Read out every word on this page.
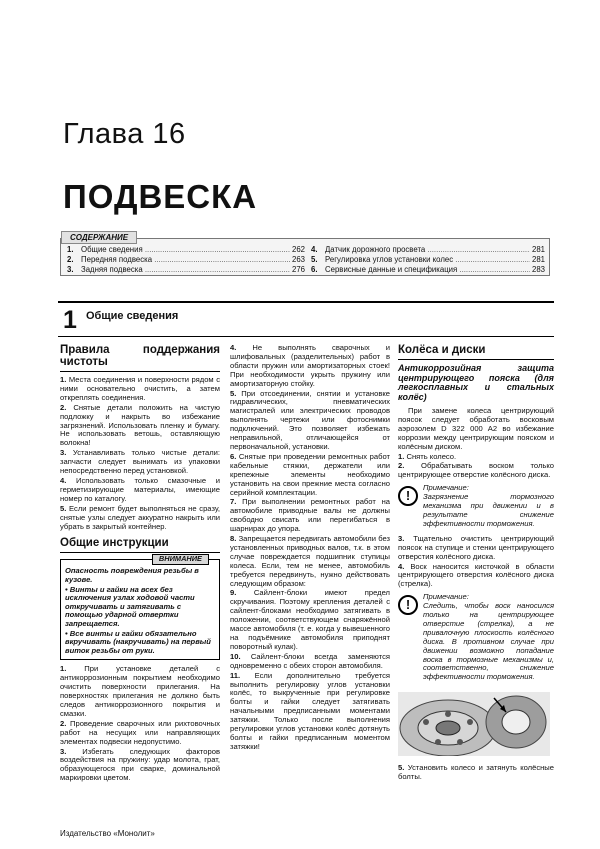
Глава 16
ПОДВЕСКА
СОДЕРЖАНИЕ
1. Общие сведения .....	262
2. Передняя подвеска .....	263
3. Задняя подвеска .....	276
4. Датчик дорожного просвета .....	281
5. Регулировка углов установки колес .....	281
6. Сервисные данные и спецификация .....	283
1 Общие сведения
Правила поддержания чистоты

1. Места соединения и поверхности рядом с ними основательно очистить, а затем откреплять соединения.

2. Снятые детали положить на чистую подложку и накрыть во избежание загрязнений. Использовать пленку и бумагу. Не использовать ветошь, оставляющую волокна!

3. Устанавливать только чистые детали: запчасти следует вынимать из упаковки непосредственно перед установкой.

4. Использовать только смазочные и герметизирующие материалы, имеющие номер по каталогу.

5. Если ремонт будет выполняться не сразу, снятые узлы следует аккуратно накрыть или убрать в закрытый контейнер.

Общие инструкции
ВНИМАНИЕ

Опасность повреждения резьбы в кузове.

• Винты и гайки на всех без исключения узлах ходовой части откручивать и затягивать с помощью ударной отвертки запрещается.

• Все винты и гайки обязательно вкручивать (накручивать) на первый виток резьбы от руки.

1. При установке деталей с антикоррозионным покрытием необходимо очистить поверхности прилегания. На поверхностях прилегания не должно быть следов антикоррозионного покрытия и смазки.

2. Проведение сварочных или рихтовочных работ на несущих или направляющих элементах подвески недопустимо.

3. Избегать следующих факторов воздействия на пружину: удар молота, грат, образующегося при сварке, доминальной маркировки цветом.

4. Не выполнять сварочных и шлифовальных (разделительных) работ в области пружин или амортизаторных стоек! При необходимости укрыть пружину или амортизаторную стойку.

5. При отсоединении, снятии и установке гидравлических, пневматических магистралей или электрических проводов выполнять чертежи или фотоснимки подключений. Это позволяет избежать неправильной, отличающейся от первоначальной, установки.

6. Снятые при проведении ремонтных работ кабельные стяжки, держатели или крепежные элементы необходимо установить на свои прежние места согласно серийной комплектации.

7. При выполнении ремонтных работ на автомобиле приводные валы не должны свободно свисать или перегибаться в шарнирах до упора.

8. Запрещается передвигать автомобили без установленных приводных валов, т.к. в этом случае повреждается подшипник ступицы колеса. Если, тем не менее, автомобиль требуется передвинуть, нужно действовать следующим образом:

9. Сайлент-блоки имеют предел скручивания. Поэтому крепления деталей с сайлент-блоками необходимо затягивать в положении, соответствующем снаряжённой массе автомобиля (т. е. когда у вывешенного на подъёмнике автомобиля приподнят поворотный кулак).

10. Сайлент-блоки всегда заменяются одновременно с обеих сторон автомобиля.

11. Если дополнительно требуется выполнить регулировку углов установки колёс, то выкрученные при регулировке болты и гайки следует затягивать начальными предписанными моментами затяжки. Только после выполнения регулировки углов установки колёс дотянуть болты и гайки предписанным моментом затяжки!

Колёса и диски
Антикоррозийная защита центрирующего пояска (для легкосплавных и стальных колёс)

При замене колеса центрирующий поясок следует обработать восковым аэрозолем D 322 000 A2 во избежание коррозии между центрирующим пояском и колёсным диском.

1. Снять колесо.

2. Обрабатывать воском только центрирующее отверстие колёсного диска.

!
Примечание:
Загрязнение тормозного механизма при движении и в результате снижение эффективности торможения.

3. Тщательно очистить центрирующий поясок на ступице и стенки центрирующего отверстия колёсного диска.

4. Воск наносится кисточкой в области центрирующего отверстия колёсного диска (стрелка).

!
Примечание:
Следить, чтобы воск наносился только на центрирующее отверстие (стрелка), а не привалочную плоскость колёсного диска. В противном случае при движении возможно попадание воска в тормозные механизмы и, соответственно, снижение эффективности торможения.

5. Установить колесо и затянуть колёсные болты.

Издательство «Монолит»
